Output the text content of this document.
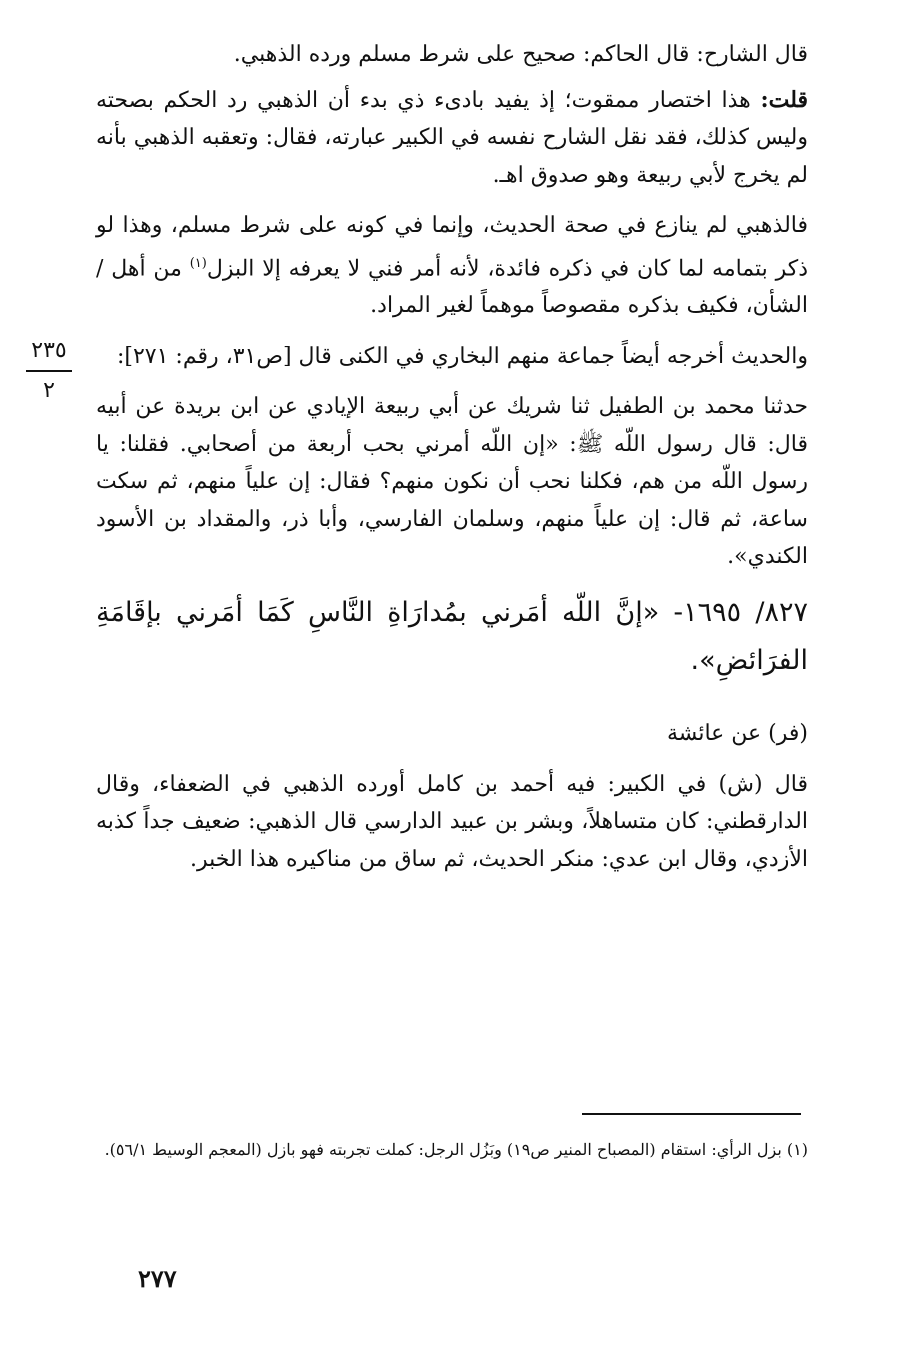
قال الشارح: قال الحاكم: صحيح على شرط مسلم ورده الذهبي.

قلت: هذا اختصار ممقوت؛ إذ يفيد بادىء ذي بدء أن الذهبي رد الحكم بصحته وليس كذلك، فقد نقل الشارح نفسه في الكبير عبارته، فقال: وتعقبه الذهبي بأنه لم يخرج لأبي ربيعة وهو صدوق اهـ.

فالذهبي لم ينازع في صحة الحديث، وإنما في كونه على شرط مسلم، وهذا لو ذكر بتمامه لما كان في ذكره فائدة، لأنه أمر فني لا يعرفه إلا البزل$^{(١)}$ من أهل / الشأن، فكيف بذكره مقصوصاً موهماً لغير المراد.

والحديث أخرجه أيضاً جماعة منهم البخاري في الكنى قال [ص٣١، رقم: ٢٧١]:

حدثنا محمد بن الطفيل ثنا شريك عن أبي ربيعة الإيادي عن ابن بريدة عن أبيه قال: قال رسول اللّه ﷺ: «إن اللّه أمرني بحب أربعة من أصحابي. فقلنا: يا رسول اللّه من هم، فكلنا نحب أن نكون منهم؟ فقال: إن علياً منهم، ثم سكت ساعة، ثم قال: إن علياً منهم، وسلمان الفارسي، وأبا ذر، والمقداد بن الأسود الكندي».

٨٢٧/ ١٦٩٥- «إنَّ اللّه أمَرني بمُدارَاةِ النَّاسِ كَمَا أمَرني بإقَامَةِ الفرَائضِ».

(فر) عن عائشة

قال (ش) في الكبير: فيه أحمد بن كامل أورده الذهبي في الضعفاء، وقال الدارقطني: كان متساهلاً، وبشر بن عبيد الدارسي قال الذهبي: ضعيف جداً كذبه الأزدي، وقال ابن عدي: منكر الحديث، ثم ساق من مناكيره هذا الخبر.

٢٣٥
٢
(١) بزل الرأي: استقام (المصباح المنير ص١٩) وبَزُل الرجل: كملت تجربته فهو بازل (المعجم الوسيط ٥٦/١).
٢٧٧
